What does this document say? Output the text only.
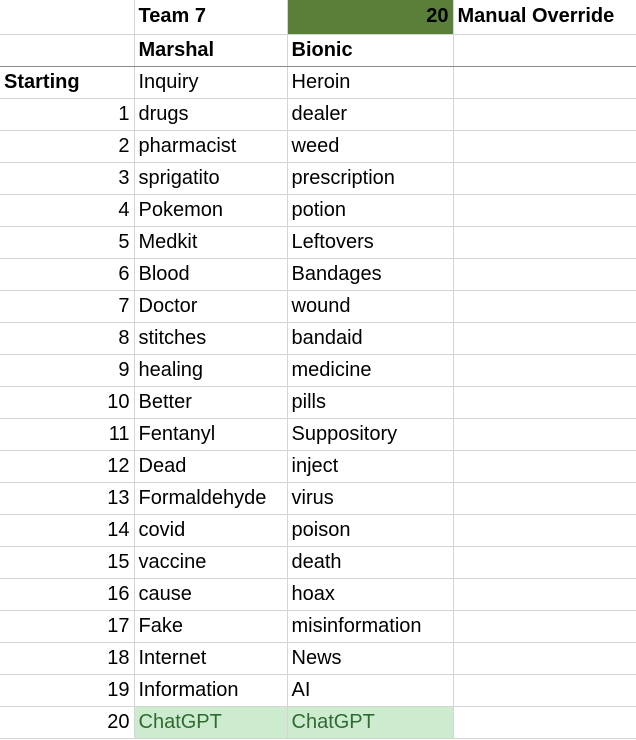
	Team 7	20	Manual Override
	Marshal	Bionic	
Starting	Inquiry	Heroin	
1	drugs	dealer	
2	pharmacist	weed	
3	sprigatito	prescription	
4	Pokemon	potion	
5	Medkit	Leftovers	
6	Blood	Bandages	
7	Doctor	wound	
8	stitches	bandaid	
9	healing	medicine	
10	Better	pills	
11	Fentanyl	Suppository	
12	Dead	inject	
13	Formaldehyde	virus	
14	covid	poison	
15	vaccine	death	
16	cause	hoax	
17	Fake	misinformation	
18	Internet	News	
19	Information	AI	
20	ChatGPT	ChatGPT	
